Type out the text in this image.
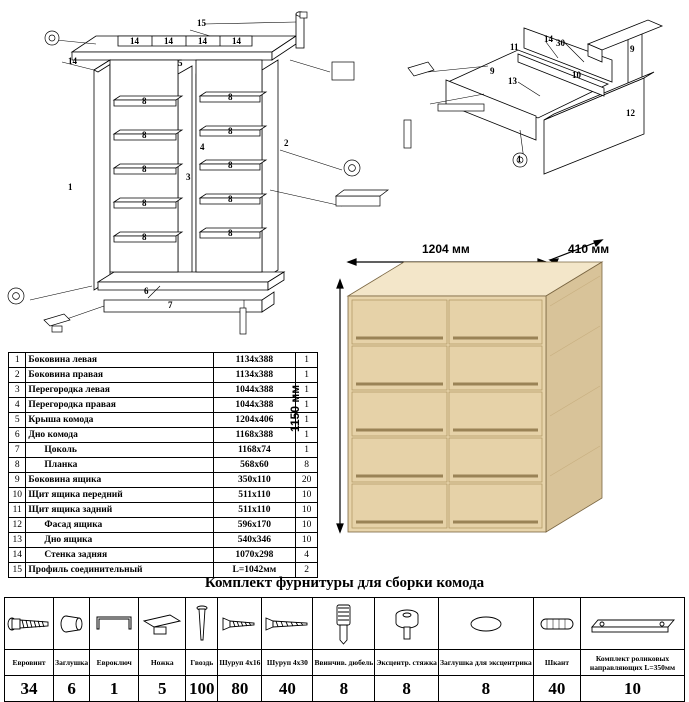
15
14	14	14	14
14	5
8
8
8
8
8
8
8
8
8
8
1
2
3
4
6
7
11
14 30
9
9
13
10
12
1
1	Боковина левая	1134x388	1
2	Боковина правая	1134x388	1
3	Перегородка левая	1044x388	1
4	Перегородка правая	1044x388	1
5	Крыша комода	1204x406	1
6	Дно комода	1168x388	1
7	Цоколь	1168x74	1
8	Планка	568x60	8
9	Боковина ящика	350x110	20
10	Щит ящика передний	511x110	10
11	Щит ящика задний	511x110	10
12	Фасад ящика	596x170	10
13	Дно ящика	540x346	10
14	Стенка задняя	1070x298	4
15	Профиль соединительный	L=1042мм	2
1204 мм	410 мм
1150 мм
Комплект фурнитуры для сборки комода

Евровинт	Заглушка	Евроключ	Ножка	Гвоздь	Шуруп 4х16	Шуруп 4х30	Ввинчив. дюбель	Эксцентр. стяжка	Заглушка для эксцентрика	Шкант	Комплект роликовых направляющих L=350мм
34	6	1	5	100	80	40	8	8	8	40	10
